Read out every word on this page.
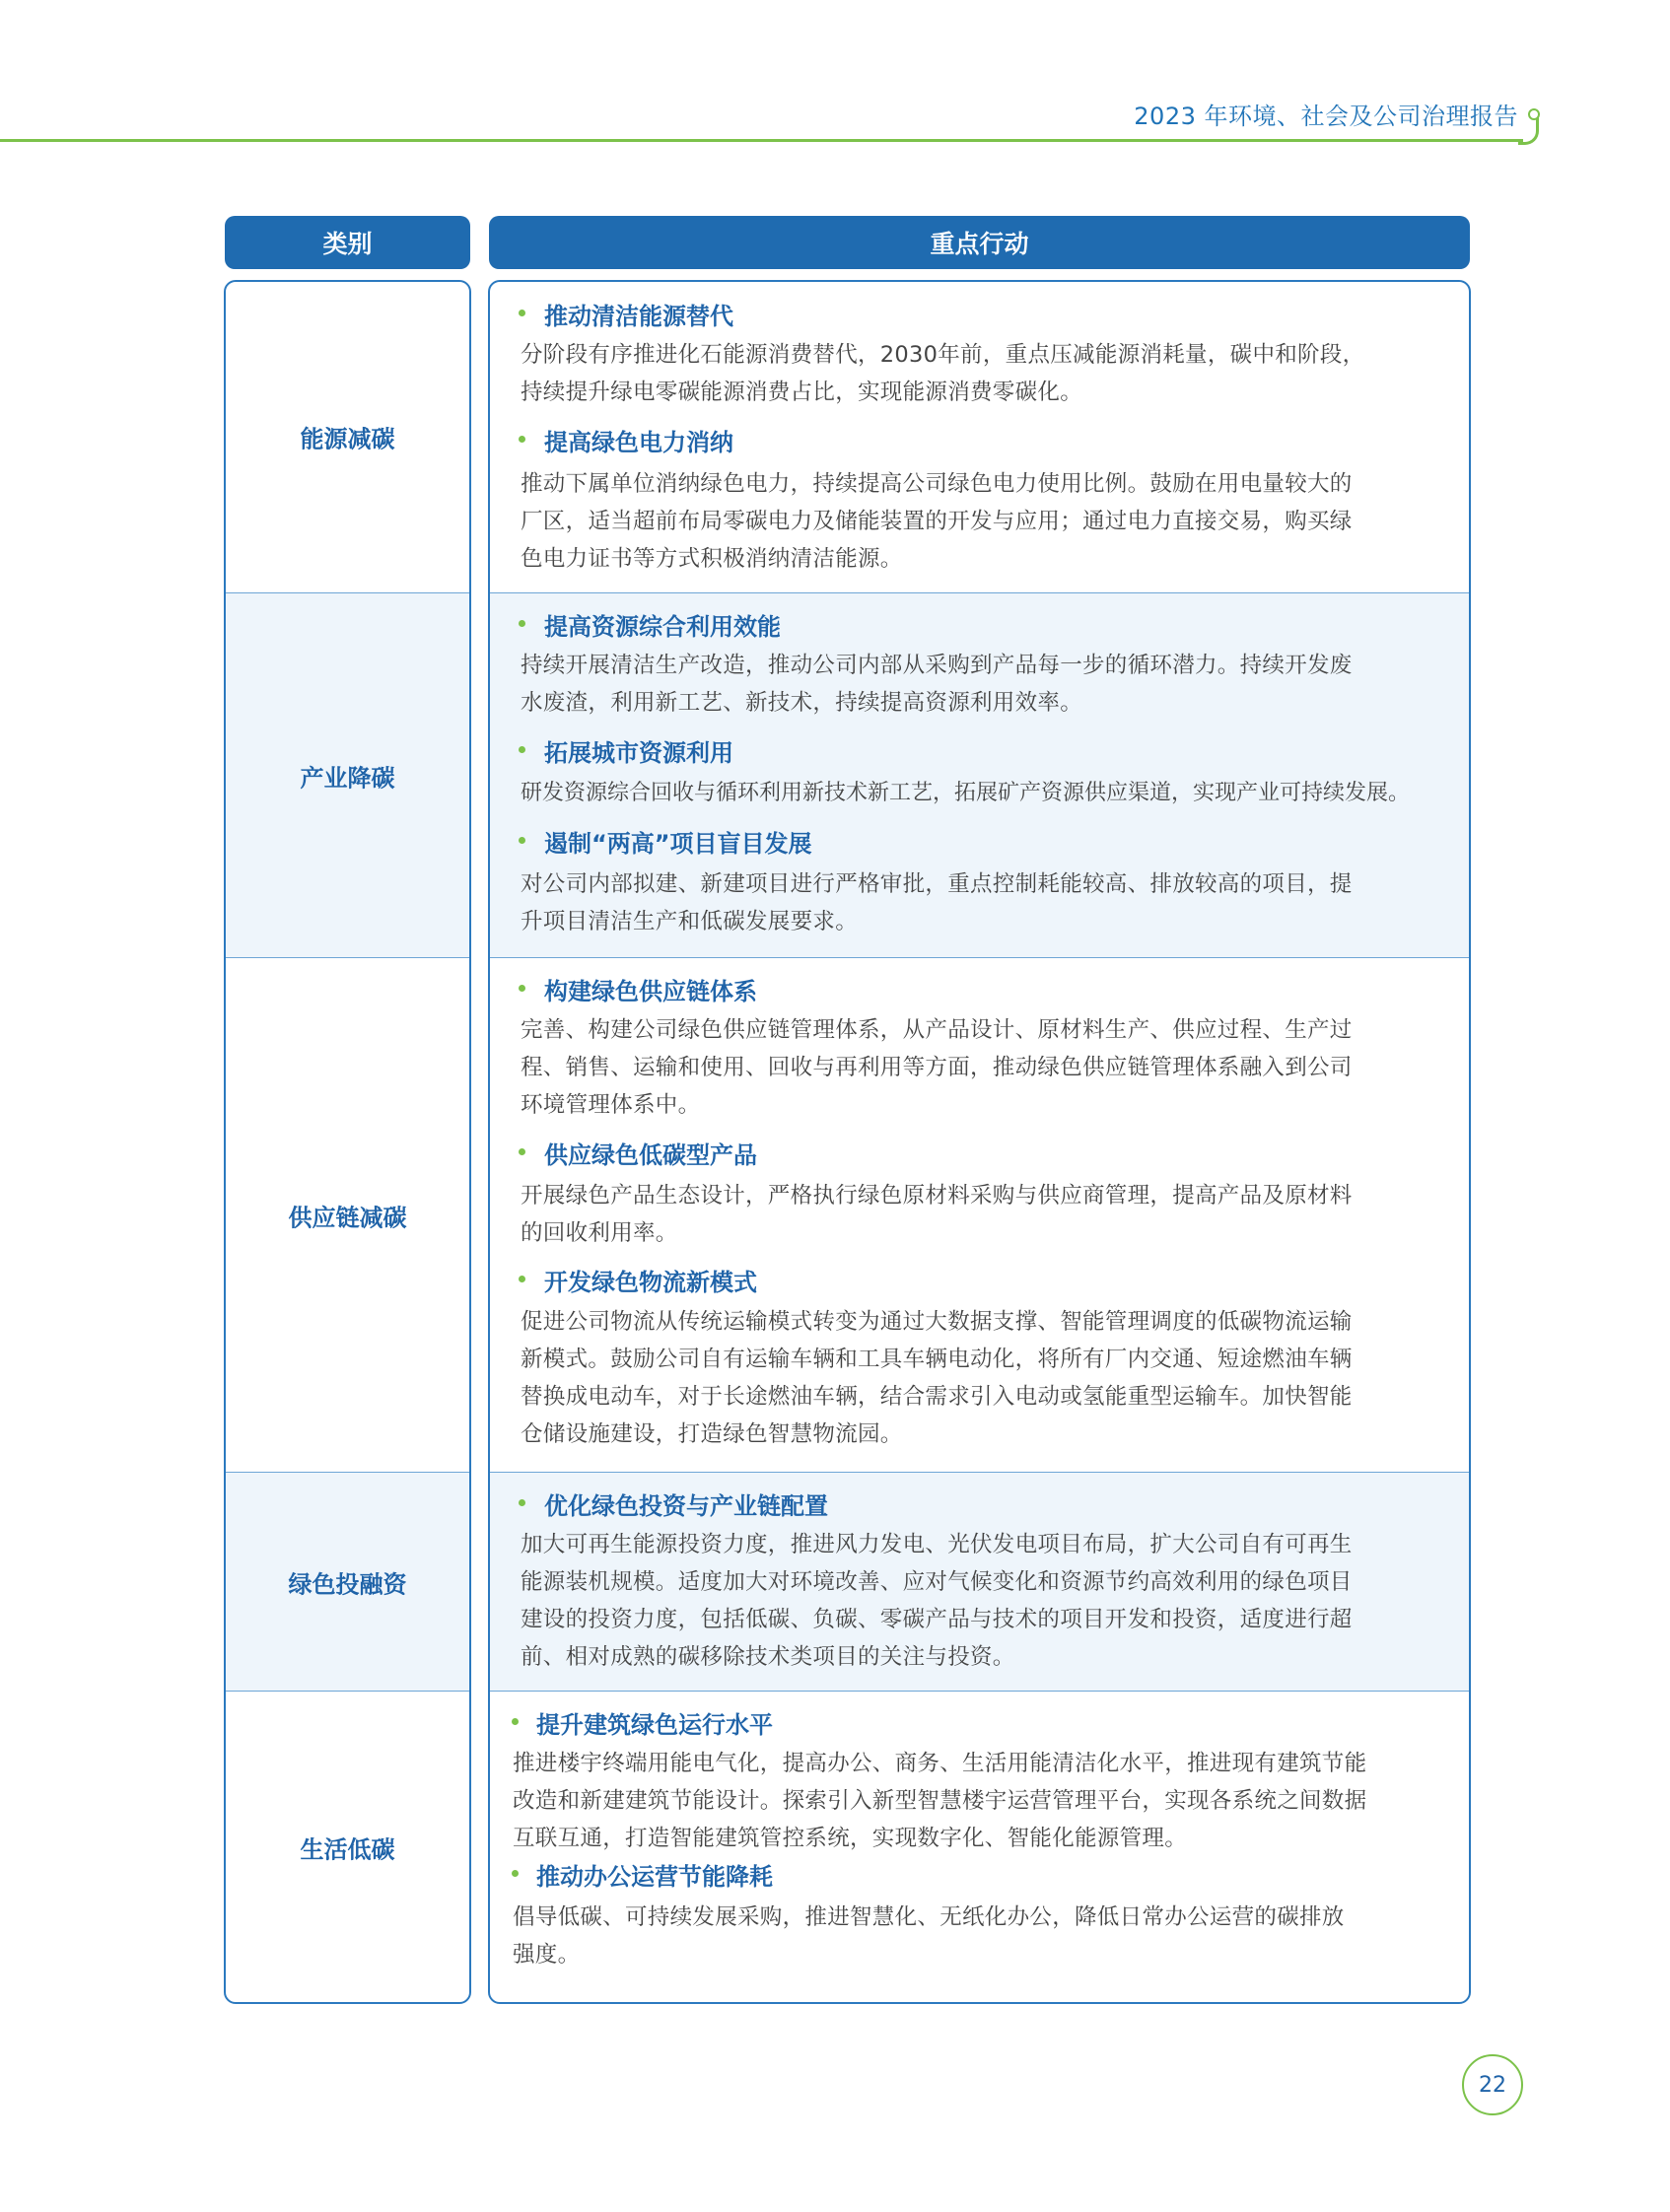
2023 年环境、社会及公司治理报告
类别	重点行动
能源减碳
产业降碳
供应链减碳
绿色投融资
生活低碳
推动清洁能源替代
分阶段有序推进化石能源消费替代，2030年前，重点压减能源消耗量，碳中和阶段，
持续提升绿电零碳能源消费占比，实现能源消费零碳化。
提高绿色电力消纳
推动下属单位消纳绿色电力，持续提高公司绿色电力使用比例。鼓励在用电量较大的
厂区，适当超前布局零碳电力及储能装置的开发与应用；通过电力直接交易，购买绿
色电力证书等方式积极消纳清洁能源。
提高资源综合利用效能
持续开展清洁生产改造，推动公司内部从采购到产品每一步的循环潜力。持续开发废
水废渣，利用新工艺、新技术，持续提高资源利用效率。
拓展城市资源利用
研发资源综合回收与循环利用新技术新工艺，拓展矿产资源供应渠道，实现产业可持续发展。
遏制“两高”项目盲目发展
对公司内部拟建、新建项目进行严格审批，重点控制耗能较高、排放较高的项目，提
升项目清洁生产和低碳发展要求。
构建绿色供应链体系
完善、构建公司绿色供应链管理体系，从产品设计、原材料生产、供应过程、生产过
程、销售、运输和使用、回收与再利用等方面，推动绿色供应链管理体系融入到公司
环境管理体系中。
供应绿色低碳型产品
开展绿色产品生态设计，严格执行绿色原材料采购与供应商管理，提高产品及原材料
的回收利用率。
开发绿色物流新模式
促进公司物流从传统运输模式转变为通过大数据支撑、智能管理调度的低碳物流运输
新模式。鼓励公司自有运输车辆和工具车辆电动化，将所有厂内交通、短途燃油车辆
替换成电动车，对于长途燃油车辆，结合需求引入电动或氢能重型运输车。加快智能
仓储设施建设，打造绿色智慧物流园。
优化绿色投资与产业链配置
加大可再生能源投资力度，推进风力发电、光伏发电项目布局，扩大公司自有可再生
能源装机规模。适度加大对环境改善、应对气候变化和资源节约高效利用的绿色项目
建设的投资力度，包括低碳、负碳、零碳产品与技术的项目开发和投资，适度进行超
前、相对成熟的碳移除技术类项目的关注与投资。
提升建筑绿色运行水平
推进楼宇终端用能电气化，提高办公、商务、生活用能清洁化水平，推进现有建筑节能
改造和新建建筑节能设计。探索引入新型智慧楼宇运营管理平台，实现各系统之间数据
互联互通，打造智能建筑管控系统，实现数字化、智能化能源管理。
推动办公运营节能降耗
倡导低碳、可持续发展采购，推进智慧化、无纸化办公，降低日常办公运营的碳排放
强度。
22
